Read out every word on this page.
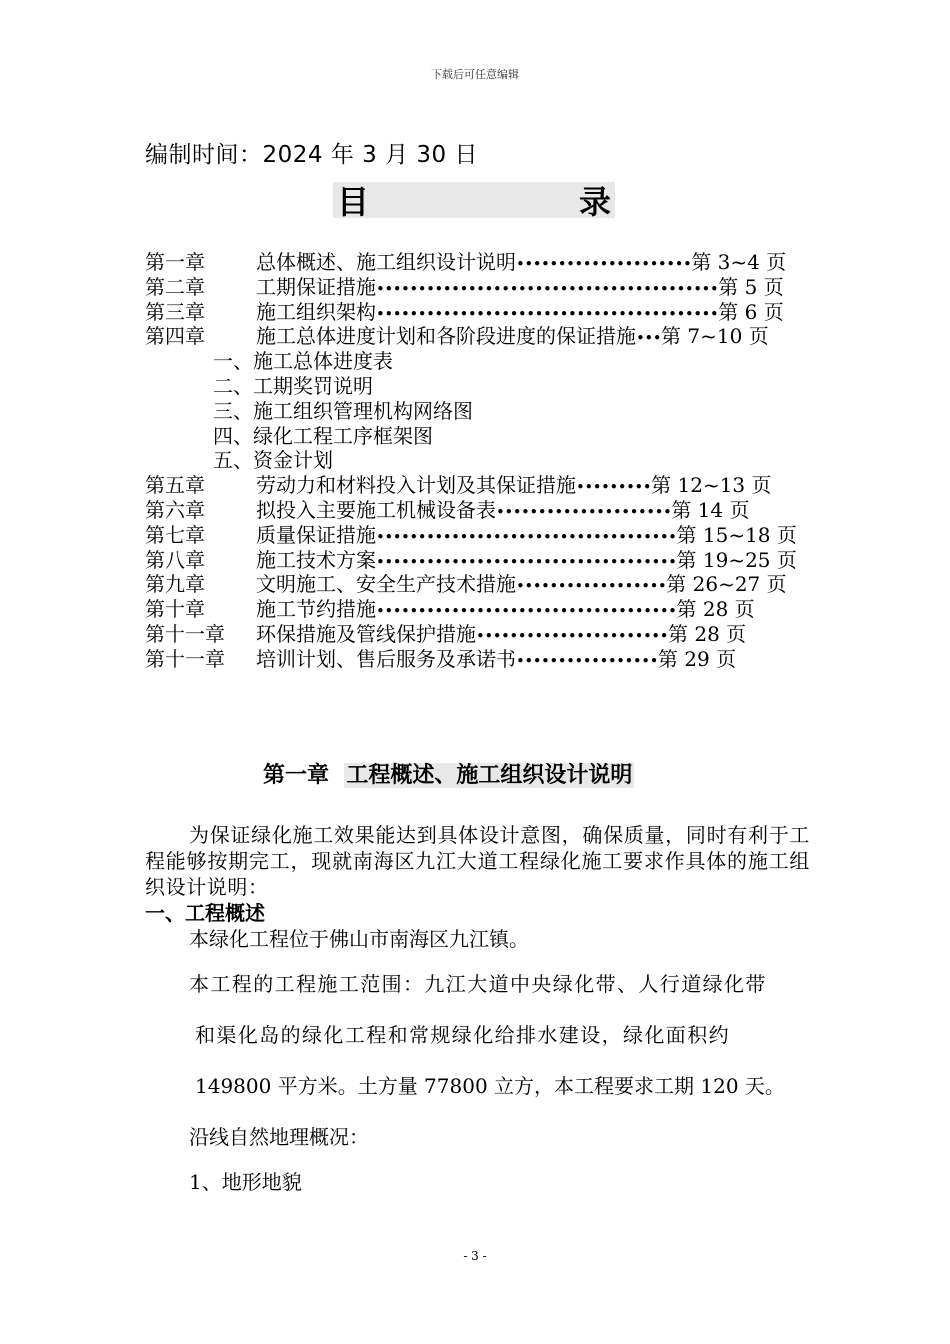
下载后可任意编辑
编制时间：2024 年 3 月 30 日
目	录
第一章	总体概述、施工组织设计说明•••••••••••••••••••••第 3~4 页
第二章	工期保证措施•••••••••••••••••••••••••••••••••••••••••第 5 页
第三章	施工组织架构•••••••••••••••••••••••••••••••••••••••••第 6 页
第四章	施工总体进度计划和各阶段进度的保证措施•••第 7~10 页
一、施工总体进度表
二、工期奖罚说明
三、施工组织管理机构网络图
四、绿化工程工序框架图
五、资金计划
第五章	劳动力和材料投入计划及其保证措施•••••••••第 12~13 页
第六章	拟投入主要施工机械设备表•••••••••••••••••••••第 14 页
第七章	质量保证措施••••••••••••••••••••••••••••••••••••第 15~18 页
第八章	施工技术方案••••••••••••••••••••••••••••••••••••第 19~25 页
第九章	文明施工、安全生产技术措施••••••••••••••••••第 26~27 页
第十章	施工节约措施••••••••••••••••••••••••••••••••••••第 28 页
第十一章 环保措施及管线保护措施•••••••••••••••••••••••第 28 页
第十一章 培训计划、售后服务及承诺书•••••••••••••••••第 29 页
第一章 工程概述、施工组织设计说明

为保证绿化施工效果能达到具体设计意图，确保质量，同时有利于工程能够按期完工，现就南海区九江大道工程绿化施工要求作具体的施工组织设计说明：

一、工程概述

本绿化工程位于佛山市南海区九江镇。

本工程的工程施工范围：九江大道中央绿化带、人行道绿化带

和渠化岛的绿化工程和常规绿化给排水建设，绿化面积约

149800 平方米。土方量 77800 立方，本工程要求工期 120 天。

沿线自然地理概况：

1、地形地貌

- 3 -
